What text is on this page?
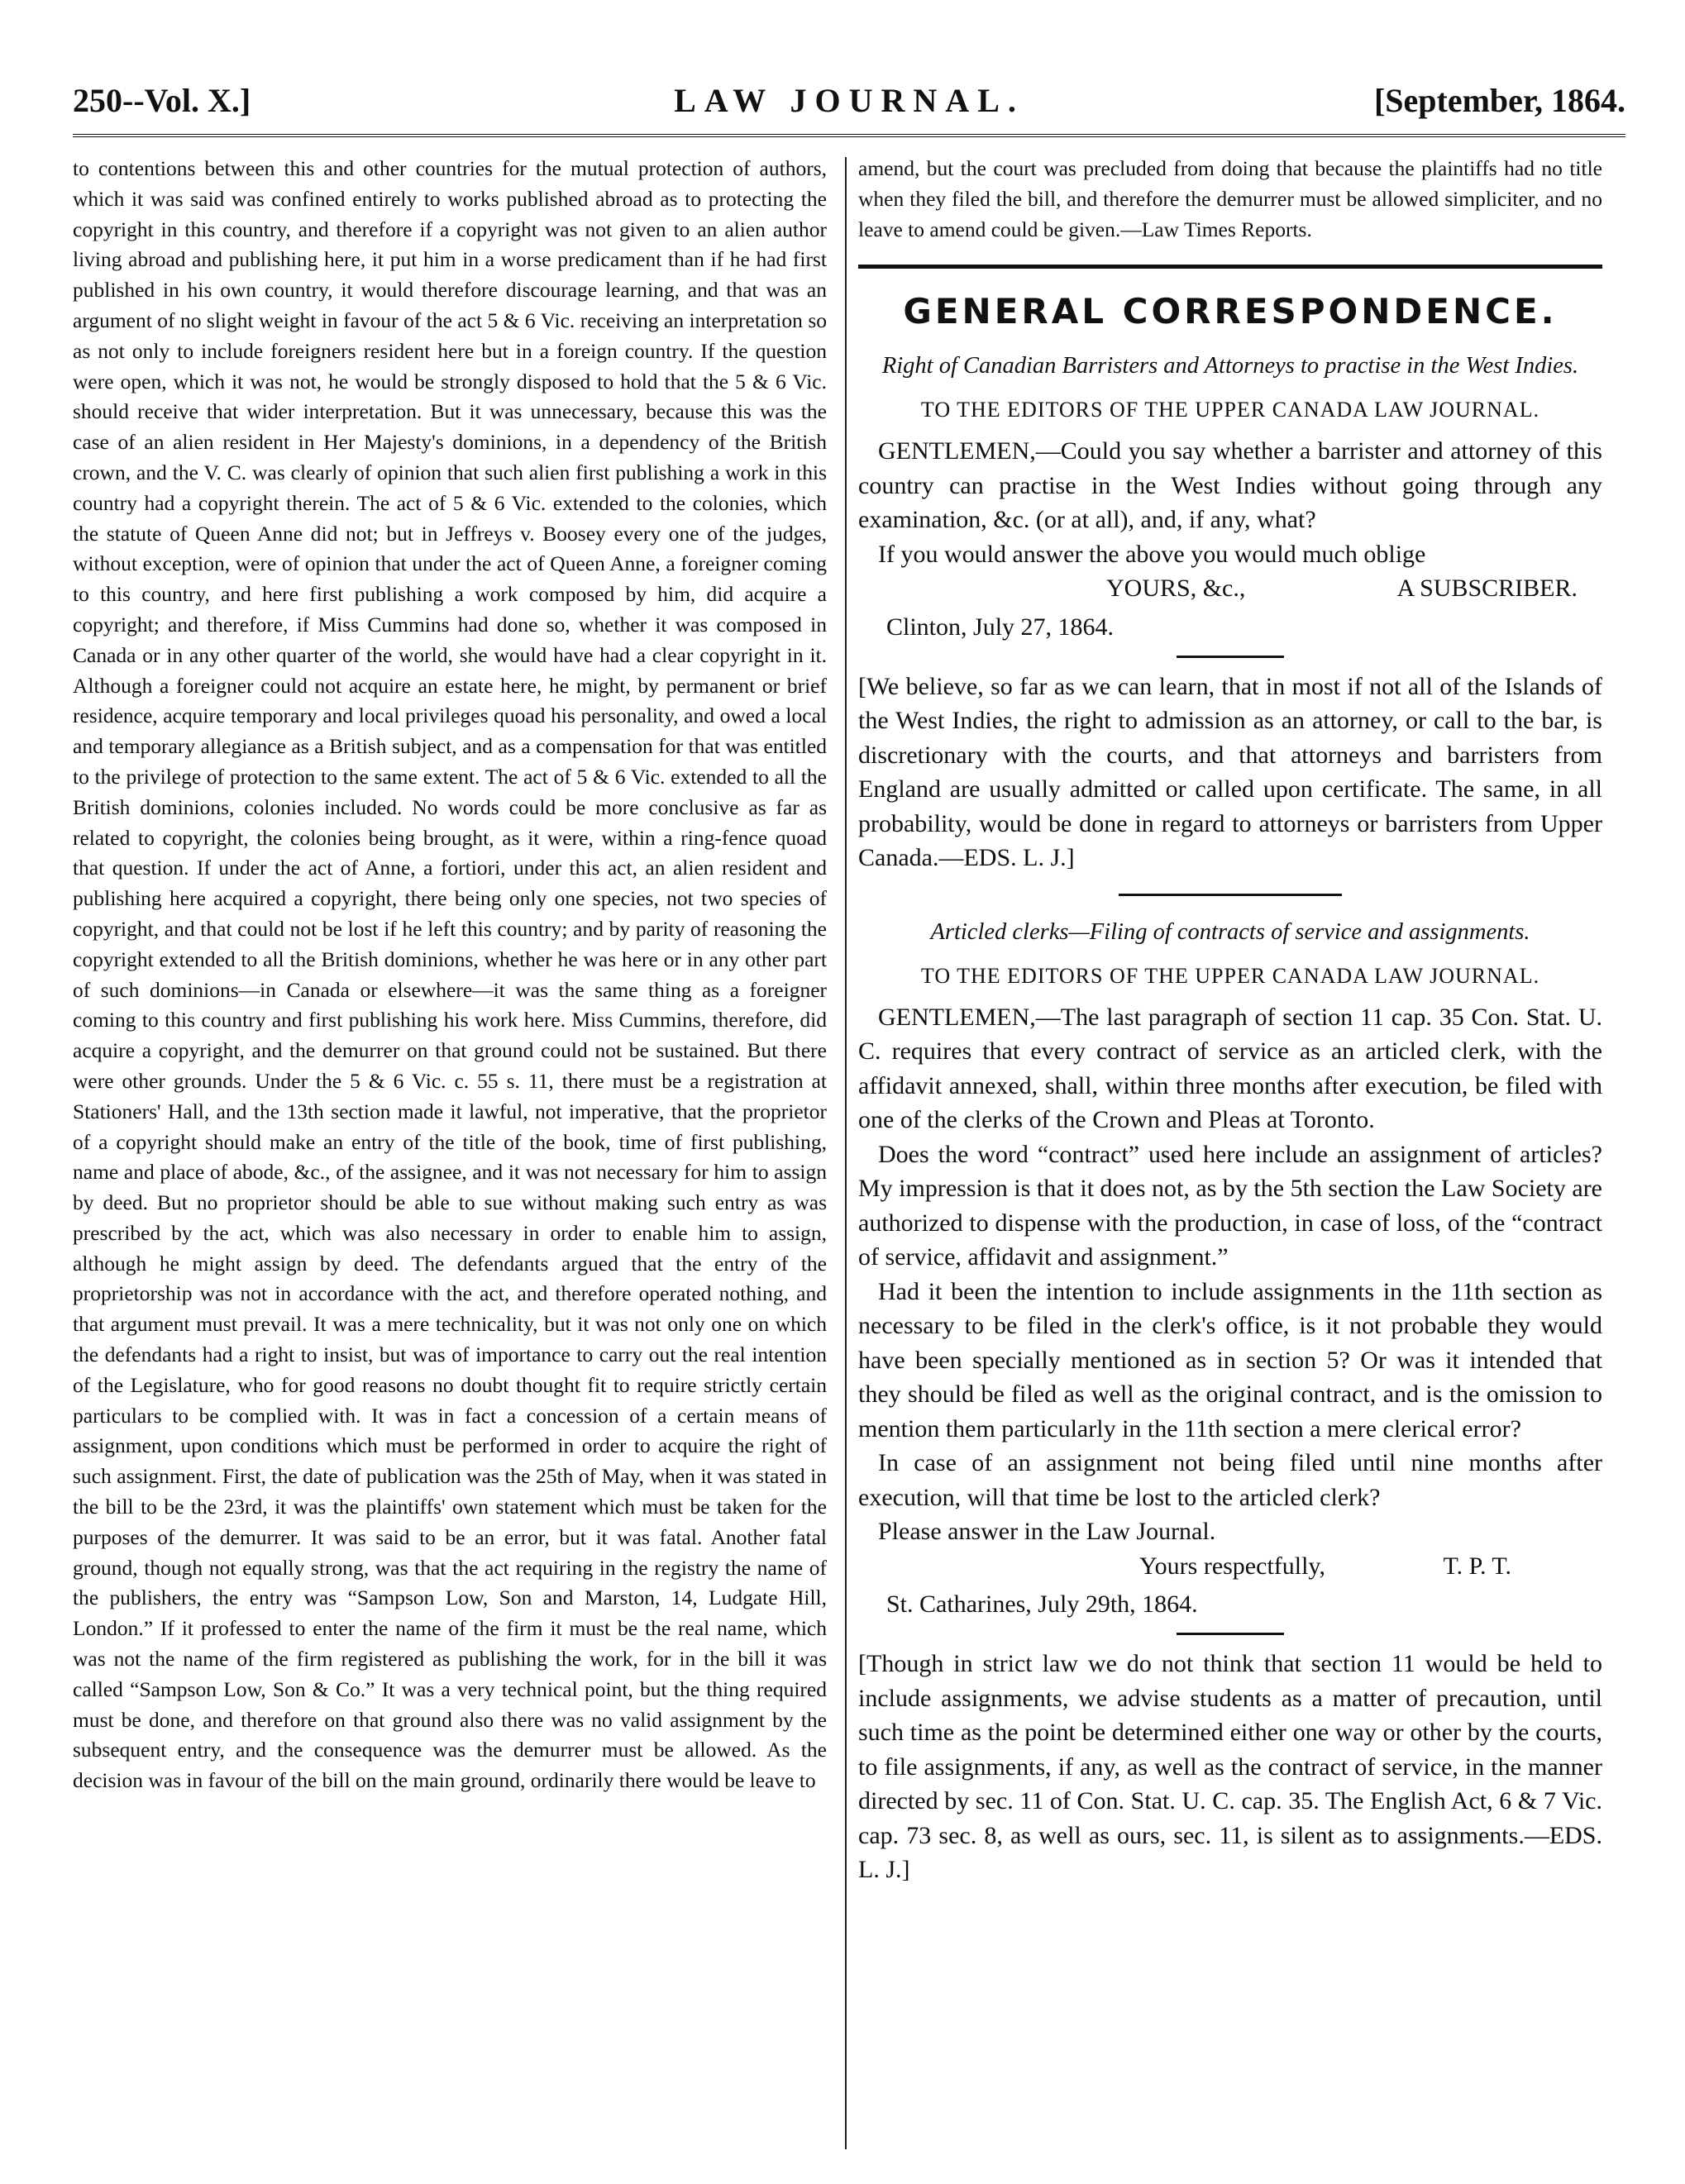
250--Vol. X.]	LAW JOURNAL.	[September, 1864.

to contentions between this and other countries for the mutual protection of authors, which it was said was confined entirely to works published abroad as to protecting the copyright in this country, and therefore if a copyright was not given to an alien author living abroad and publishing here, it put him in a worse predicament than if he had first published in his own country, it would therefore discourage learning, and that was an argument of no slight weight in favour of the act 5 & 6 Vic. receiving an interpretation so as not only to include foreigners resident here but in a foreign country. If the question were open, which it was not, he would be strongly disposed to hold that the 5 & 6 Vic. should receive that wider interpretation. But it was unnecessary, because this was the case of an alien resident in Her Majesty's dominions, in a dependency of the British crown, and the V. C. was clearly of opinion that such alien first publishing a work in this country had a copyright therein. The act of 5 & 6 Vic. extended to the colonies, which the statute of Queen Anne did not; but in Jeffreys v. Boosey every one of the judges, without exception, were of opinion that under the act of Queen Anne, a foreigner coming to this country, and here first publishing a work composed by him, did acquire a copyright; and therefore, if Miss Cummins had done so, whether it was composed in Canada or in any other quarter of the world, she would have had a clear copyright in it. Although a foreigner could not acquire an estate here, he might, by permanent or brief residence, acquire temporary and local privileges quoad his personality, and owed a local and temporary allegiance as a British subject, and as a compensation for that was entitled to the privilege of protection to the same extent. The act of 5 & 6 Vic. extended to all the British dominions, colonies included. No words could be more conclusive as far as related to copyright, the colonies being brought, as it were, within a ring-fence quoad that question. If under the act of Anne, a fortiori, under this act, an alien resident and publishing here acquired a copyright, there being only one species, not two species of copyright, and that could not be lost if he left this country; and by parity of reasoning the copyright extended to all the British dominions, whether he was here or in any other part of such dominions—in Canada or elsewhere—it was the same thing as a foreigner coming to this country and first publishing his work here. Miss Cummins, therefore, did acquire a copyright, and the demurrer on that ground could not be sustained. But there were other grounds. Under the 5 & 6 Vic. c. 55 s. 11, there must be a registration at Stationers' Hall, and the 13th section made it lawful, not imperative, that the proprietor of a copyright should make an entry of the title of the book, time of first publishing, name and place of abode, &c., of the assignee, and it was not necessary for him to assign by deed. But no proprietor should be able to sue without making such entry as was prescribed by the act, which was also necessary in order to enable him to assign, although he might assign by deed. The defendants argued that the entry of the proprietorship was not in accordance with the act, and therefore operated nothing, and that argument must prevail. It was a mere technicality, but it was not only one on which the defendants had a right to insist, but was of importance to carry out the real intention of the Legislature, who for good reasons no doubt thought fit to require strictly certain particulars to be complied with. It was in fact a concession of a certain means of assignment, upon conditions which must be performed in order to acquire the right of such assignment. First, the date of publication was the 25th of May, when it was stated in the bill to be the 23rd, it was the plaintiffs' own statement which must be taken for the purposes of the demurrer. It was said to be an error, but it was fatal. Another fatal ground, though not equally strong, was that the act requiring in the registry the name of the publishers, the entry was “Sampson Low, Son and Marston, 14, Ludgate Hill, London.” If it professed to enter the name of the firm it must be the real name, which was not the name of the firm registered as publishing the work, for in the bill it was called “Sampson Low, Son & Co.” It was a very technical point, but the thing required must be done, and therefore on that ground also there was no valid assignment by the subsequent entry, and the consequence was the demurrer must be allowed. As the decision was in favour of the bill on the main ground, ordinarily there would be leave to

amend, but the court was precluded from doing that because the plaintiffs had no title when they filed the bill, and therefore the demurrer must be allowed simpliciter, and no leave to amend could be given.—Law Times Reports.

GENERAL CORRESPONDENCE.
Right of Canadian Barristers and Attorneys to practise in the West Indies.
TO THE EDITORS OF THE UPPER CANADA LAW JOURNAL.

GENTLEMEN,—Could you say whether a barrister and attorney of this country can practise in the West Indies without going through any examination, &c. (or at all), and, if any, what?

If you would answer the above you would much oblige

YOURS, &c.,	A SUBSCRIBER.
Clinton, July 27, 1864.

[We believe, so far as we can learn, that in most if not all of the Islands of the West Indies, the right to admission as an attorney, or call to the bar, is discretionary with the courts, and that attorneys and barristers from England are usually admitted or called upon certificate. The same, in all probability, would be done in regard to attorneys or barristers from Upper Canada.—EDS. L. J.]

Articled clerks—Filing of contracts of service and assignments.
TO THE EDITORS OF THE UPPER CANADA LAW JOURNAL.

GENTLEMEN,—The last paragraph of section 11 cap. 35 Con. Stat. U. C. requires that every contract of service as an articled clerk, with the affidavit annexed, shall, within three months after execution, be filed with one of the clerks of the Crown and Pleas at Toronto.

Does the word “contract” used here include an assignment of articles? My impression is that it does not, as by the 5th section the Law Society are authorized to dispense with the production, in case of loss, of the “contract of service, affidavit and assignment.”

Had it been the intention to include assignments in the 11th section as necessary to be filed in the clerk's office, is it not probable they would have been specially mentioned as in section 5? Or was it intended that they should be filed as well as the original contract, and is the omission to mention them particularly in the 11th section a mere clerical error?

In case of an assignment not being filed until nine months after execution, will that time be lost to the articled clerk?

Please answer in the Law Journal.

Yours respectfully,	T. P. T.
St. Catharines, July 29th, 1864.

[Though in strict law we do not think that section 11 would be held to include assignments, we advise students as a matter of precaution, until such time as the point be determined either one way or other by the courts, to file assignments, if any, as well as the contract of service, in the manner directed by sec. 11 of Con. Stat. U. C. cap. 35. The English Act, 6 & 7 Vic. cap. 73 sec. 8, as well as ours, sec. 11, is silent as to assignments.—EDS. L. J.]
